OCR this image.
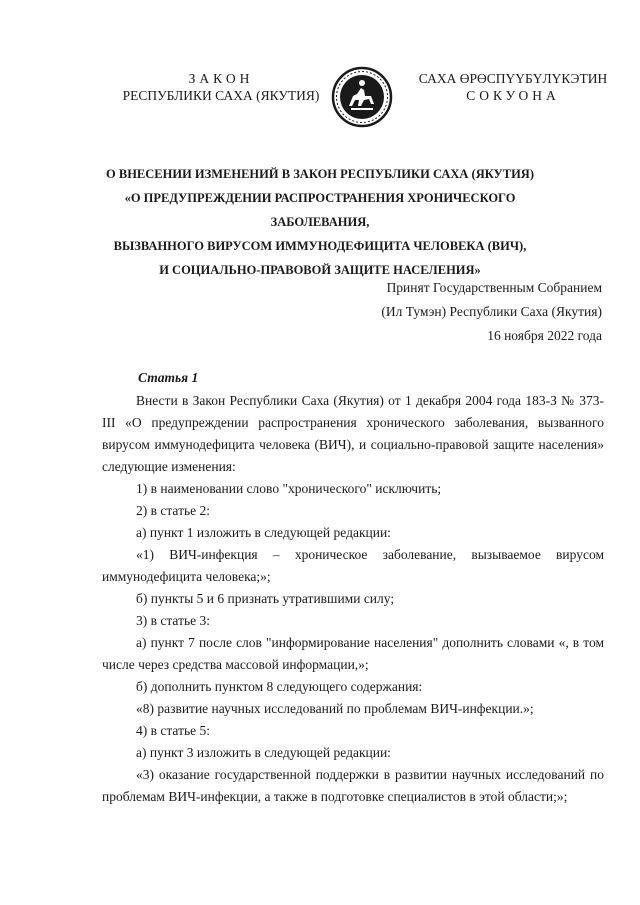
ЗАКОН
РЕСПУБЛИКИ САХА (ЯКУТИЯ)
САХА ӨРӨСПҮҮБҮЛҮКЭТИН
СОКУОНА
О ВНЕСЕНИИ ИЗМЕНЕНИЙ В ЗАКОН РЕСПУБЛИКИ САХА (ЯКУТИЯ)
«О ПРЕДУПРЕЖДЕНИИ РАСПРОСТРАНЕНИЯ ХРОНИЧЕСКОГО ЗАБОЛЕВАНИЯ,
ВЫЗВАННОГО ВИРУСОМ ИММУНОДЕФИЦИТА ЧЕЛОВЕКА (ВИЧ),
И СОЦИАЛЬНО-ПРАВОВОЙ ЗАЩИТЕ НАСЕЛЕНИЯ»
Принят Государственным Собранием
(Ил Тумэн) Республики Саха (Якутия)
16 ноября 2022 года
Статья 1

Внести в Закон Республики Саха (Якутия) от 1 декабря 2004 года 183-З № 373-III «О предупреждении распространения хронического заболевания, вызванного вирусом иммунодефицита человека (ВИЧ), и социально-правовой защите населения» следующие изменения:

1) в наименовании слово "хронического" исключить;

2) в статье 2:

а) пункт 1 изложить в следующей редакции:

«1) ВИЧ-инфекция – хроническое заболевание, вызываемое вирусом иммунодефицита человека;»;

б) пункты 5 и 6 признать утратившими силу;

3) в статье 3:

а) пункт 7 после слов "информирование населения" дополнить словами «, в том числе через средства массовой информации,»;

б) дополнить пунктом 8 следующего содержания:

«8) развитие научных исследований по проблемам ВИЧ-инфекции.»;

4) в статье 5:

а) пункт 3 изложить в следующей редакции:

«3) оказание государственной поддержки в развитии научных исследований по проблемам ВИЧ-инфекции, а также в подготовке специалистов в этой области;»;
